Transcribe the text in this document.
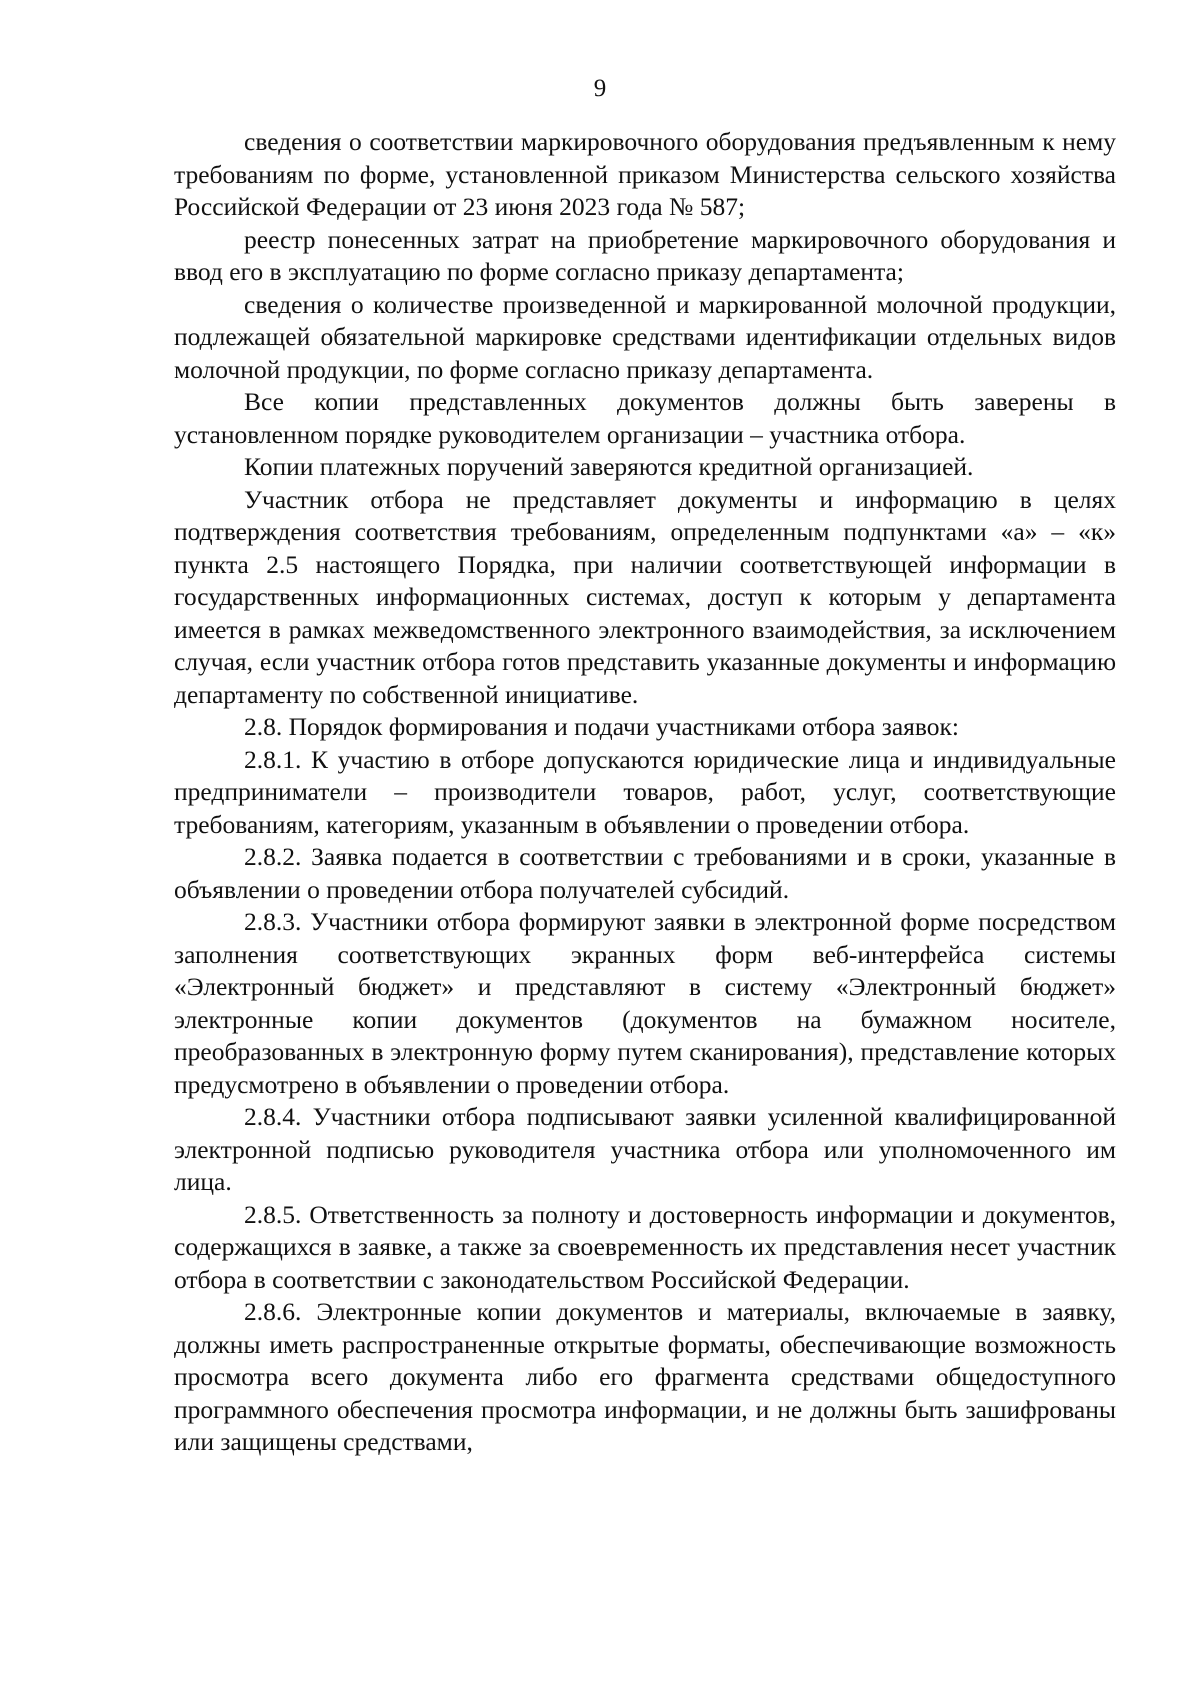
9

сведения о соответствии маркировочного оборудования предъявленным к нему требованиям по форме, установленной приказом Министерства сельского хозяйства Российской Федерации от 23 июня 2023 года № 587;

реестр понесенных затрат на приобретение маркировочного оборудования и ввод его в эксплуатацию по форме согласно приказу департамента;

сведения о количестве произведенной и маркированной молочной продукции, подлежащей обязательной маркировке средствами идентификации отдельных видов молочной продукции, по форме согласно приказу департамента.

Все копии представленных документов должны быть заверены в установленном порядке руководителем организации – участника отбора.

Копии платежных поручений заверяются кредитной организацией.

Участник отбора не представляет документы и информацию в целях подтверждения соответствия требованиям, определенным подпунктами «а» – «к» пункта 2.5 настоящего Порядка, при наличии соответствующей информации в государственных информационных системах, доступ к которым у департамента имеется в рамках межведомственного электронного взаимодействия, за исключением случая, если участник отбора готов представить указанные документы и информацию департаменту по собственной инициативе.

2.8. Порядок формирования и подачи участниками отбора заявок:

2.8.1. К участию в отборе допускаются юридические лица и индивидуальные предприниматели – производители товаров, работ, услуг, соответствующие требованиям, категориям, указанным в объявлении о проведении отбора.

2.8.2. Заявка подается в соответствии с требованиями и в сроки, указанные в объявлении о проведении отбора получателей субсидий.

2.8.3. Участники отбора формируют заявки в электронной форме посредством заполнения соответствующих экранных форм веб-интерфейса системы «Электронный бюджет» и представляют в систему «Электронный бюджет» электронные копии документов (документов на бумажном носителе, преобразованных в электронную форму путем сканирования), представление которых предусмотрено в объявлении о проведении отбора.

2.8.4. Участники отбора подписывают заявки усиленной квалифицированной электронной подписью руководителя участника отбора или уполномоченного им лица.

2.8.5. Ответственность за полноту и достоверность информации и документов, содержащихся в заявке, а также за своевременность их представления несет участник отбора в соответствии с законодательством Российской Федерации.

2.8.6. Электронные копии документов и материалы, включаемые в заявку, должны иметь распространенные открытые форматы, обеспечивающие возможность просмотра всего документа либо его фрагмента средствами общедоступного программного обеспечения просмотра информации, и не должны быть зашифрованы или защищены средствами,
